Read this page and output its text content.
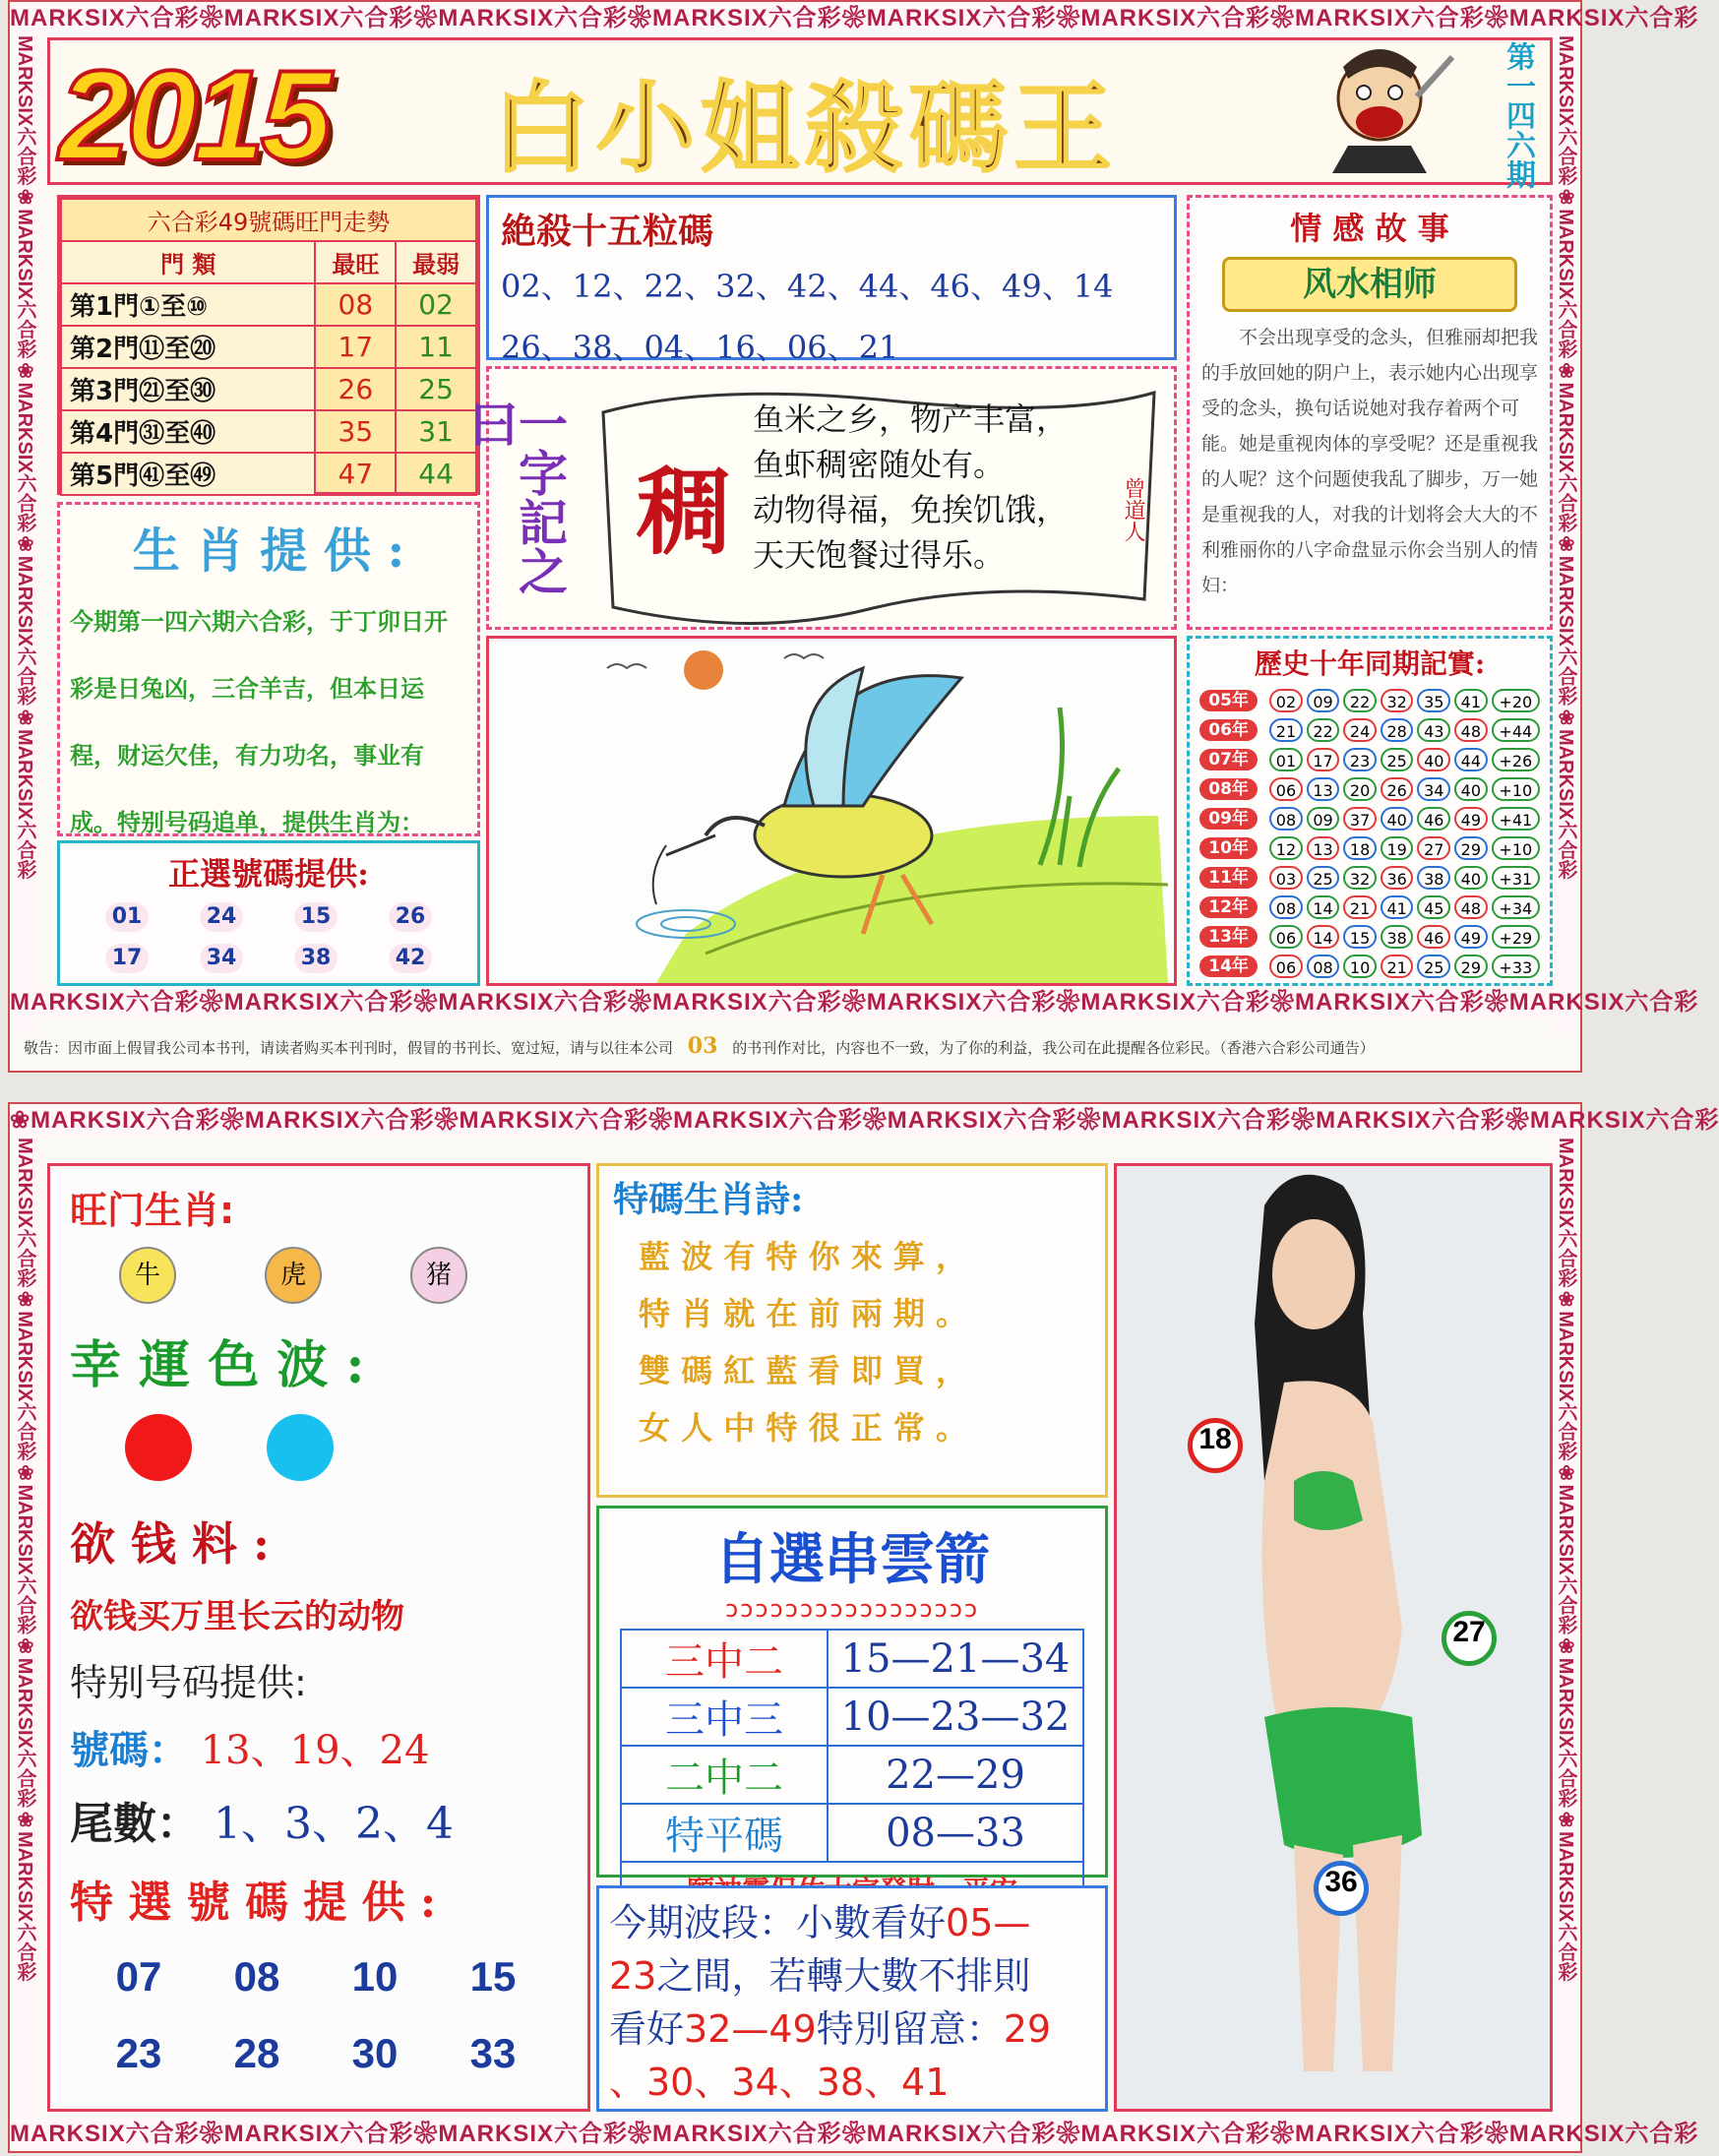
MARKSIX六合彩❀MARKSIX六合彩❀MARKSIX六合彩❀MARKSIX六合彩❀MARKSIX六合彩❀MARKSIX六合彩❀MARKSIX六合彩❀MARKSIX六合彩
MARKSIX六合彩❀MARKSIX六合彩❀MARKSIX六合彩❀MARKSIX六合彩❀MARKSIX六合彩
MARKSIX六合彩❀MARKSIX六合彩❀MARKSIX六合彩❀MARKSIX六合彩❀MARKSIX六合彩
MARKSIX六合彩❀MARKSIX六合彩❀MARKSIX六合彩❀MARKSIX六合彩❀MARKSIX六合彩❀MARKSIX六合彩❀MARKSIX六合彩❀MARKSIX六合彩
2015 白小姐殺碼王	第一四六期
六合彩49號碼旺門走勢		
門 類	最旺	最弱
第1門①至⑩	08	02
第2門⑪至⑳	17	11
第3門㉑至㉚	26	25
第4門㉛至㊵	35	31
第5門㊶至㊾	47	44
絶殺十五粒碼
02、12、22、32、42、44、46、49、14
26、38、04、16、06、21
一字記之曰
稠
鱼米之乡，物产丰富，
鱼虾稠密随处有。
动物得福，免挨饥饿，
天天饱餐过得乐。
曾道人
情 感 故 事
风水相师
不会出现享受的念头，但雅丽却把我的手放回她的阴户上，表示她内心出现享受的念头，换句话说她对我存着两个可能。她是重视肉体的享受呢？还是重视我的人呢？这个问题使我乱了脚步，万一她是重视我的人，对我的计划将会大大的不利雅丽你的八字命盘显示你会当别人的情妇：
生 肖 提 供 :
今期第一四六期六合彩，于丁卯日开彩是日兔凶，三合羊吉，但本日运程，财运欠佳，有力功名，事业有成。特别号码追单，提供生肖为：
正選號碼提供:
01	24	15	26
17	34	38	42
歷史十年同期記實:
05年	02	09	22	32	35	41	+20
06年	21	22	24	28	43	48	+44
07年	01	17	23	25	40	44	+26
08年	06	13	20	26	34	40	+10
09年	08	09	37	40	46	49	+41
10年	12	13	18	19	27	29	+10
11年	03	25	32	36	38	40	+31
12年	08	14	21	41	45	48	+34
13年	06	14	15	38	46	49	+29
14年	06	08	10	21	25	29	+33
敬告：因市面上假冒我公司本书刊，请读者购买本刊刊时，假冒的书刊长、宽过短，请与以往本公司 03 的书刊作对比，内容也不一致，为了你的利益，我公司在此提醒各位彩民。（香港六合彩公司通告）
❀MARKSIX六合彩❀MARKSIX六合彩❀MARKSIX六合彩❀MARKSIX六合彩❀MARKSIX六合彩❀MARKSIX六合彩❀MARKSIX六合彩❀MARKSIX六合彩
MARKSIX六合彩❀MARKSIX六合彩❀MARKSIX六合彩❀MARKSIX六合彩❀MARKSIX六合彩
MARKSIX六合彩❀MARKSIX六合彩❀MARKSIX六合彩❀MARKSIX六合彩❀MARKSIX六合彩
MARKSIX六合彩❀MARKSIX六合彩❀MARKSIX六合彩❀MARKSIX六合彩❀MARKSIX六合彩❀MARKSIX六合彩❀MARKSIX六合彩❀MARKSIX六合彩
旺门生肖:
牛	虎	猪
幸 運 色 波 :
欲 钱 料 :
欲钱买万里长云的动物
特别号码提供:
號碼： 13、19、24
尾數： 1、3、2、4
特 選 號 碼 提 供 :
07	08	10	15
23	28	30	33
特碼生肖詩:
藍 波 有 特 你 來 算 ，
特 肖 就 在 前 兩 期 。
雙 碼 紅 藍 看 即 買 ，
女 人 中 特 很 正 常 。
自選串雲箭
ɔɔɔɔɔɔɔɔɔɔɔɔɔɔɔɔɔ
三中二	15—21—34
三中三	10—23—32
二中二	22—29
特平碼	08—33

今期波段：小數看好05—
23之間，若轉大數不排則
看好32—49特別留意：29
、30、34、38、41
18
27
36
